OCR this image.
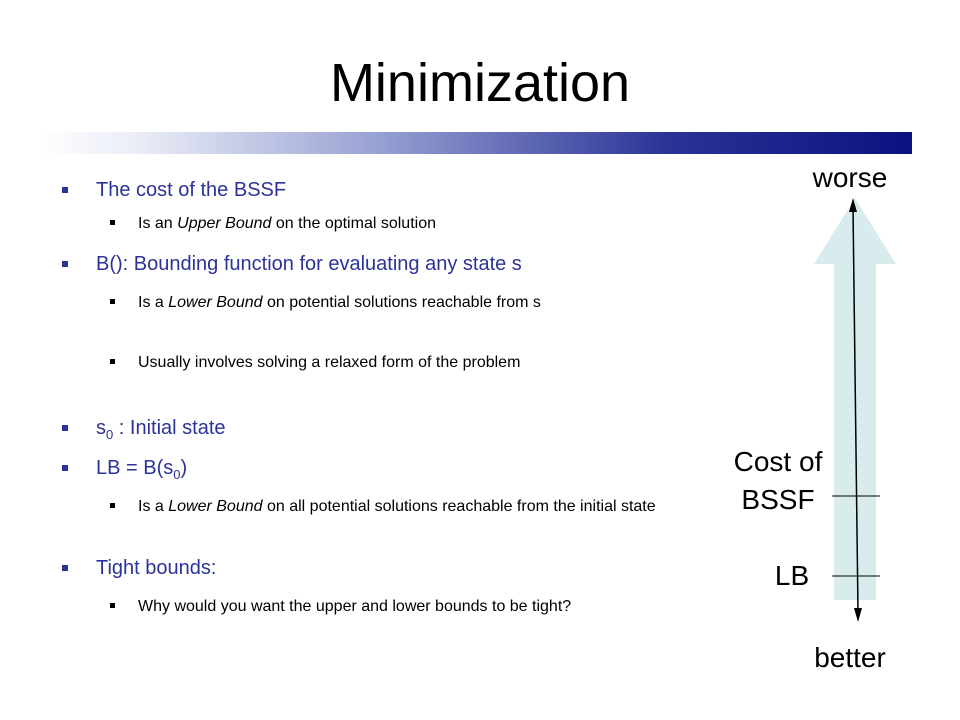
Minimization
The cost of the BSSF
Is an Upper Bound on the optimal solution
B(): Bounding function for evaluating any state s
Is a Lower Bound on potential solutions reachable from s
Usually involves solving a relaxed form of the problem
$s_0$ : Initial state
LB = $B(s_0)$
Is a Lower Bound on all potential solutions reachable from the initial state
Tight bounds:
Why would you want the upper and lower bounds to be tight?
worse
better
Cost of
BSSF
LB
